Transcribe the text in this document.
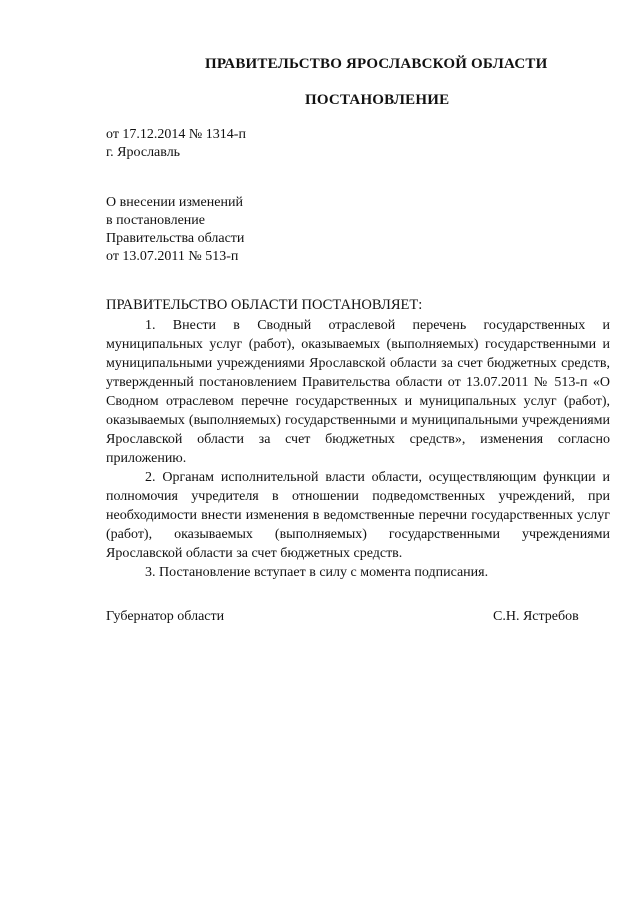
ПРАВИТЕЛЬСТВО ЯРОСЛАВСКОЙ ОБЛАСТИ
ПОСТАНОВЛЕНИЕ
от 17.12.2014 № 1314-п
г. Ярославль
О внесении изменений
в постановление
Правительства области
от 13.07.2011 № 513-п
ПРАВИТЕЛЬСТВО ОБЛАСТИ ПОСТАНОВЛЯЕТ:

1. Внести в Сводный отраслевой перечень государственных и муниципальных услуг (работ), оказываемых (выполняемых) государственными и муниципальными учреждениями Ярославской области за счет бюджетных средств, утвержденный постановлением Правительства области от 13.07.2011 № 513-п «О Сводном отраслевом перечне государственных и муниципальных услуг (работ), оказываемых (выполняемых) государственными и муниципальными учреждениями Ярославской области за счет бюджетных средств», изменения согласно приложению.

2. Органам исполнительной власти области, осуществляющим функции и полномочия учредителя в отношении подведомственных учреждений, при необходимости внести изменения в ведомственные перечни государственных услуг (работ), оказываемых (выполняемых) государственными учреждениями Ярославской области за счет бюджетных средств.

3. Постановление вступает в силу с момента подписания.

Губернатор области	С.Н. Ястребов
